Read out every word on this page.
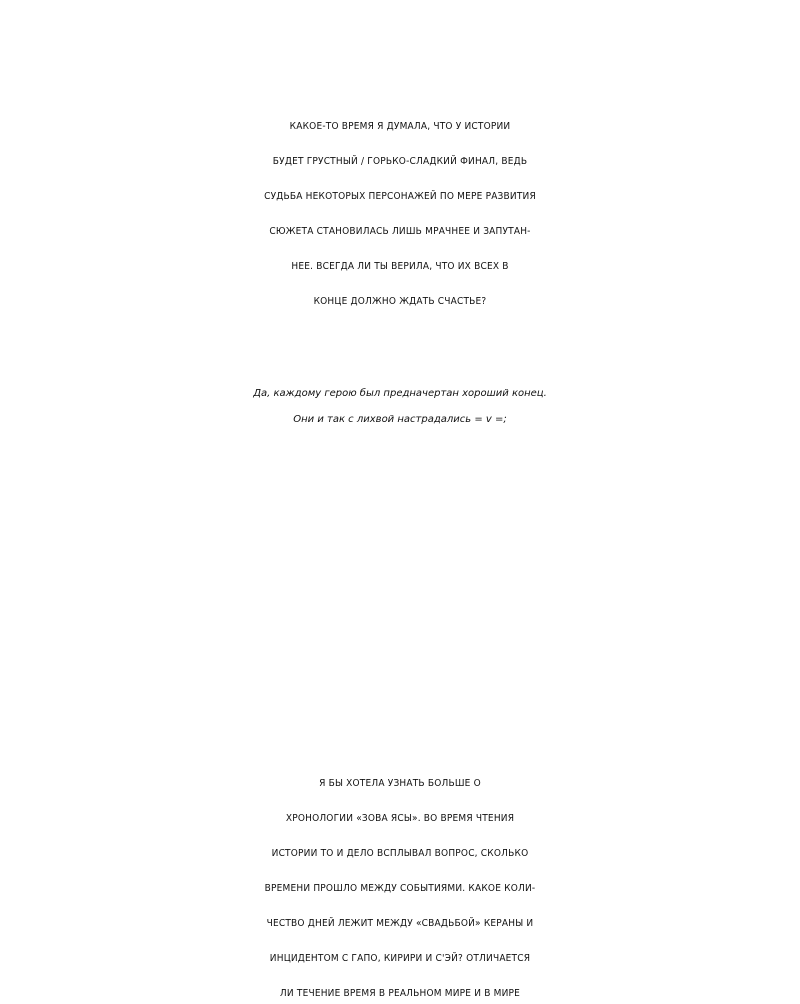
КАКОЕ-ТО ВРЕМЯ Я ДУМАЛА, ЧТО У ИСТОРИИ
БУДЕТ ГРУСТНЫЙ / ГОРЬКО-СЛАДКИЙ ФИНАЛ, ВЕДЬ
СУДЬБА НЕКОТОРЫХ ПЕРСОНАЖЕЙ ПО МЕРЕ РАЗВИТИЯ
СЮЖЕТА СТАНОВИЛАСЬ ЛИШЬ МРАЧНЕЕ И ЗАПУТАН-
НЕЕ. ВСЕГДА ЛИ ТЫ ВЕРИЛА, ЧТО ИХ ВСЕХ В
КОНЦЕ ДОЛЖНО ЖДАТЬ СЧАСТЬЕ?
Да, каждому герою был предначертан хороший конец.
Они и так с лихвой настрадались = v =;
Я БЫ ХОТЕЛА УЗНАТЬ БОЛЬШЕ О
ХРОНОЛОГИИ «ЗОВА ЯСЫ». ВО ВРЕМЯ ЧТЕНИЯ
ИСТОРИИ ТО И ДЕЛО ВСПЛЫВАЛ ВОПРОС, СКОЛЬКО
ВРЕМЕНИ ПРОШЛО МЕЖДУ СОБЫТИЯМИ. КАКОЕ КОЛИ-
ЧЕСТВО ДНЕЙ ЛЕЖИТ МЕЖДУ «СВАДЬБОЙ» КЕРАНЫ И
ИНЦИДЕНТОМ С ГАПО, КИРИРИ И С'ЭЙ? ОТЛИЧАЕТСЯ
ЛИ ТЕЧЕНИЕ ВРЕМЯ В РЕАЛЬНОМ МИРЕ И В МИРЕ
